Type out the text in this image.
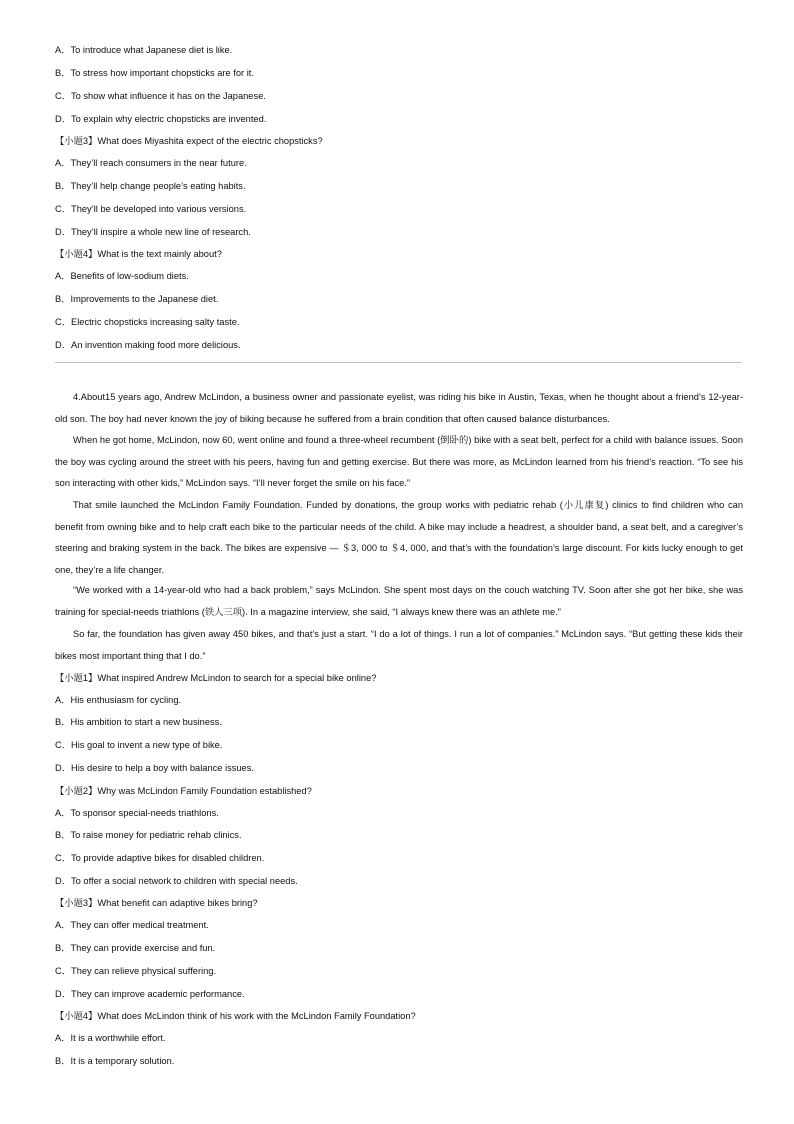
A．To introduce what Japanese diet is like.
B．To stress how important chopsticks are for it.
C．To show what influence it has on the Japanese.
D．To explain why electric chopsticks are invented.
【小题3】What does Miyashita expect of the electric chopsticks?
A．They’ll reach consumers in the near future.
B．They’ll help change people’s eating habits.
C．They’ll be developed into various versions.
D．They’ll inspire a whole new line of research.
【小题4】What is the text mainly about?
A．Benefits of low-sodium diets.
B．Improvements to the Japanese diet.
C．Electric chopsticks increasing salty taste.
D．An invention making food more delicious.
4.About15 years ago, Andrew McLindon, a business owner and passionate eyelist, was riding his bike in Austin, Texas, when he thought about a friend’s 12-year-old son. The boy had never known the joy of biking because he suffered from a brain condition that often caused balance disturbances.
When he got home, McLindon, now 60, went online and found a three-wheel recumbent (倒卧的) bike with a seat belt, perfect for a child with balance issues. Soon the boy was cycling around the street with his peers, having fun and getting exercise. But there was more, as McLindon learned from his friend’s reaction. “To see his son interacting with other kids,” McLindon says. “I’ll never forget the smile on his face.”
That smile launched the McLindon Family Foundation. Funded by donations, the group works with pediatric rehab (小儿康复) clinics to find children who can benefit from owning bike and to help craft each bike to the particular needs of the child. A bike may include a headrest, a shoulder band, a seat belt, and a caregiver’s steering and braking system in the back. The bikes are expensive — ＄3, 000 to ＄4, 000, and that’s with the foundation’s large discount. For kids lucky enough to get one, they’re a life changer.
“We worked with a 14-year-old who had a back problem,” says McLindon. She spent most days on the couch watching TV. Soon after she got her bike, she was training for special-needs triathlons (铁人三项). In a magazine interview, she said, “I always knew there was an athlete me.”
So far, the foundation has given away 450 bikes, and that’s just a start. “I do a lot of things. I run a lot of companies.” McLindon says. “But getting these kids their bikes most important thing that I do.”
【小题1】What inspired Andrew McLindon to search for a special bike online?
A．His enthusiasm for cycling.
B．His ambition to start a new business.
C．His goal to invent a new type of bike.
D．His desire to help a boy with balance issues.
【小题2】Why was McLindon Family Foundation established?
A．To sponsor special-needs triathlons.
B．To raise money for pediatric rehab clinics.
C．To provide adaptive bikes for disabled children.
D．To offer a social network to children with special needs.
【小题3】What benefit can adaptive bikes bring?
A．They can offer medical treatment.
B．They can provide exercise and fun.
C．They can relieve physical suffering.
D．They can improve academic performance.
【小题4】What does McLindon think of his work with the McLindon Family Foundation?
A．It is a worthwhile effort.
B．It is a temporary solution.
